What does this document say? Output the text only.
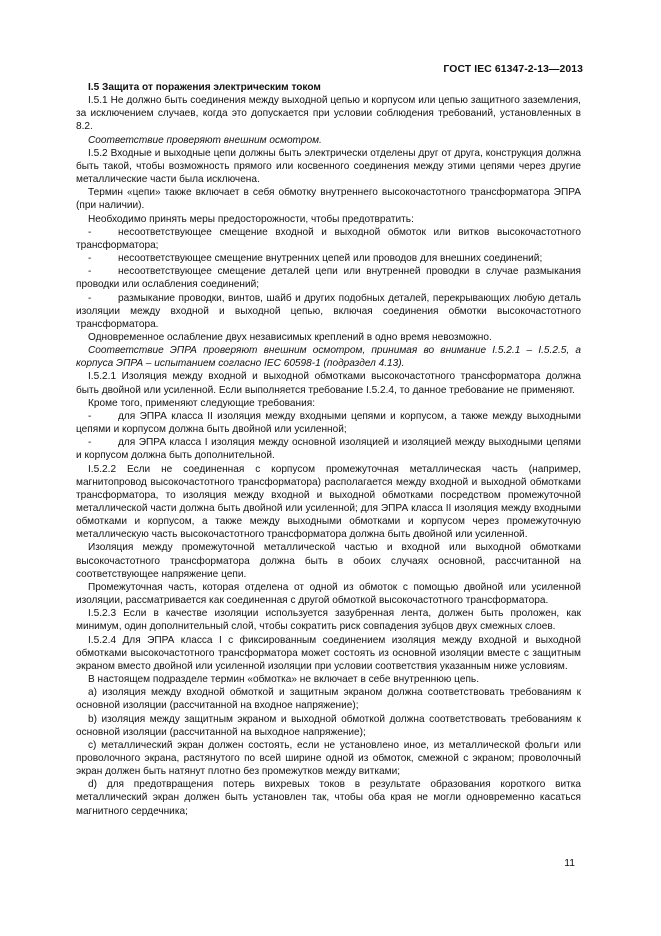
ГОСТ IEC 61347-2-13—2013

I.5 Защита от поражения электрическим током

I.5.1 Не должно быть соединения между выходной цепью и корпусом или цепью защитного заземления, за исключением случаев, когда это допускается при условии соблюдения требований, установленных в 8.2.

Соответствие проверяют внешним осмотром.

I.5.2 Входные и выходные цепи должны быть электрически отделены друг от друга, конструкция должна быть такой, чтобы возможность прямого или косвенного соединения между этими цепями через другие металлические части была исключена.

Термин «цепи» также включает в себя обмотку внутреннего высокочастотного трансформатора ЭПРА (при наличии).

Необходимо принять меры предосторожности, чтобы предотвратить:

-	несоответствующее смещение входной и выходной обмоток или витков высокочастотного трансформатора;

-	несоответствующее смещение внутренних цепей или проводов для внешних соединений;

-	несоответствующее смещение деталей цепи или внутренней проводки в случае размыкания проводки или ослабления соединений;

-	размыкание проводки, винтов, шайб и других подобных деталей, перекрывающих любую деталь изоляции между входной и выходной цепью, включая соединения обмотки высокочастотного трансформатора.

Одновременное ослабление двух независимых креплений в одно время невозможно.

Соответствие ЭПРА проверяют внешним осмотром, принимая во внимание I.5.2.1 – I.5.2.5, а корпуса ЭПРА – испытанием согласно IEC 60598-1 (подраздел 4.13).

I.5.2.1 Изоляция между входной и выходной обмотками высокочастотного трансформатора должна быть двойной или усиленной. Если выполняется требование I.5.2.4, то данное требование не применяют.

Кроме того, применяют следующие требования:

-	для ЭПРА класса II изоляция между входными цепями и корпусом, а также между выходными цепями и корпусом должна быть двойной или усиленной;

-	для ЭПРА класса I изоляция между основной изоляцией и изоляцией между выходными цепями и корпусом должна быть дополнительной.

I.5.2.2 Если не соединенная с корпусом промежуточная металлическая часть (например, магнитопровод высокочастотного трансформатора) располагается между входной и выходной обмотками трансформатора, то изоляция между входной и выходной обмотками посредством промежуточной металлической части должна быть двойной или усиленной; для ЭПРА класса II изоляция между входными обмотками и корпусом, а также между выходными обмотками и корпусом через промежуточную металлическую часть высокочастотного трансформатора должна быть двойной или усиленной.

Изоляция между промежуточной металлической частью и входной или выходной обмотками высокочастотного трансформатора должна быть в обоих случаях основной, рассчитанной на соответствующее напряжение цепи.

Промежуточная часть, которая отделена от одной из обмоток с помощью двойной или усиленной изоляции, рассматривается как соединенная с другой обмоткой высокочастотного трансформатора.

I.5.2.3 Если в качестве изоляции используется зазубренная лента, должен быть проложен, как минимум, один дополнительный слой, чтобы сократить риск совпадения зубцов двух смежных слоев.

I.5.2.4 Для ЭПРА класса I с фиксированным соединением изоляция между входной и выходной обмотками высокочастотного трансформатора может состоять из основной изоляции вместе с защитным экраном вместо двойной или усиленной изоляции при условии соответствия указанным ниже условиям.

В настоящем подразделе термин «обмотка» не включает в себе внутреннюю цепь.

а) изоляция между входной обмоткой и защитным экраном должна соответствовать требованиям к основной изоляции (рассчитанной на входное напряжение);

b) изоляция между защитным экраном и выходной обмоткой должна соответствовать требованиям к основной изоляции (рассчитанной на выходное напряжение);

c) металлический экран должен состоять, если не установлено иное, из металлической фольги или проволочного экрана, растянутого по всей ширине одной из обмоток, смежной с экраном; проволочный экран должен быть натянут плотно без промежутков между витками;

d) для предотвращения потерь вихревых токов в результате образования короткого витка металлический экран должен быть установлен так, чтобы оба края не могли одновременно касаться магнитного сердечника;

11
